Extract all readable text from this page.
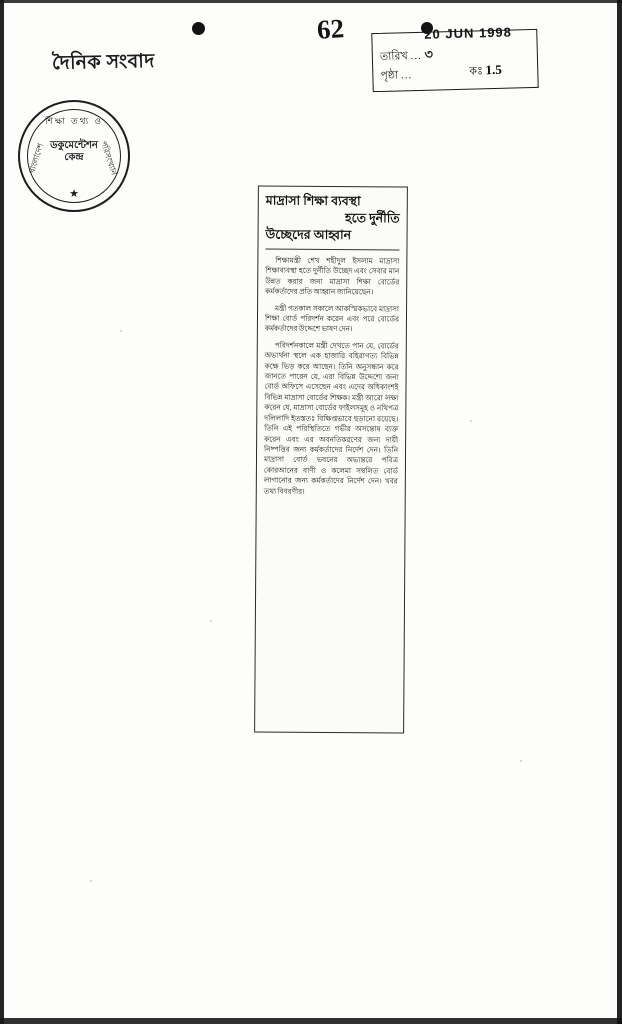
62
দৈনিক সংবাদ
শিক্ষা তথ্য ও
বাংলাদেশ	পরিসংখ্যান
ডকুমেন্টেশন
কেন্দ্র
★
20 JUN 1998
তারিখ ... ৩
পৃষ্ঠা ...	কঃ 1.5
মাদ্রাসা শিক্ষা ব্যবস্থা
হতে দুর্নীতি
উচ্ছেদের আহ্বান

শিক্ষামন্ত্রী শেখ শহীদুল ইসলাম মাদ্রাসা শিক্ষাব্যবস্থা হতে দুর্নীতি উচ্ছেদ এবং সেবার মান উন্নত করার জন্য মাদ্রাসা শিক্ষা বোর্ডের কর্মকর্তাদের প্রতি আহ্বান জানিয়েছেন।

মন্ত্রী গতকাল সকালে আকস্মিকভাবে মাদ্রাসা শিক্ষা বোর্ড পরিদর্শন করেন এবং পরে বোর্ডের কর্মকর্তাদের উদ্দেশে ভাষণ দেন।

পরিদর্শনকালে মন্ত্রী দেখতে পান যে, বোর্ডের অভ্যর্থনা স্থলে এক হাজারি বহিরাগত্য বিভিন্ন কক্ষে ভিড় করে আছেন। তিনি অনুসন্ধান করে জানতে পারেন যে, এরা বিভিন্ন উদ্দেশ্যে জন্য বোর্ড অফিসে এসেছেন এবং এদের অধিকাংশই বিভিন্ন মাদ্রাসা বোর্ডের শিক্ষক। মন্ত্রী আরো লক্ষ্য করেন যে, মাদ্রাসা বোর্ডের ফাইলসমূহ ও নথিপত্র দলিলাদি ইতস্ততঃ বিক্ষিপ্তভাবে ছড়ানো রয়েছে। তিনি এই পরিস্থিতিতে গভীর অসন্তোষ ব্যক্ত করেন এবং এর অবনতিকরণের জন্য দায়ী নিষ্পত্তির জন্য কর্মকর্তাদের নির্দেশ দেন। তিনি মাদ্রাসা বোর্ড ভবনের অভ্যন্তরে পবিত্র কোরআনের বাণী ও কলেমা সম্বলিত বোর্ড লাগানোর জন্য কর্মকর্তাদের নির্দেশ দেন। খবর তথ্য বিবরণীর।
